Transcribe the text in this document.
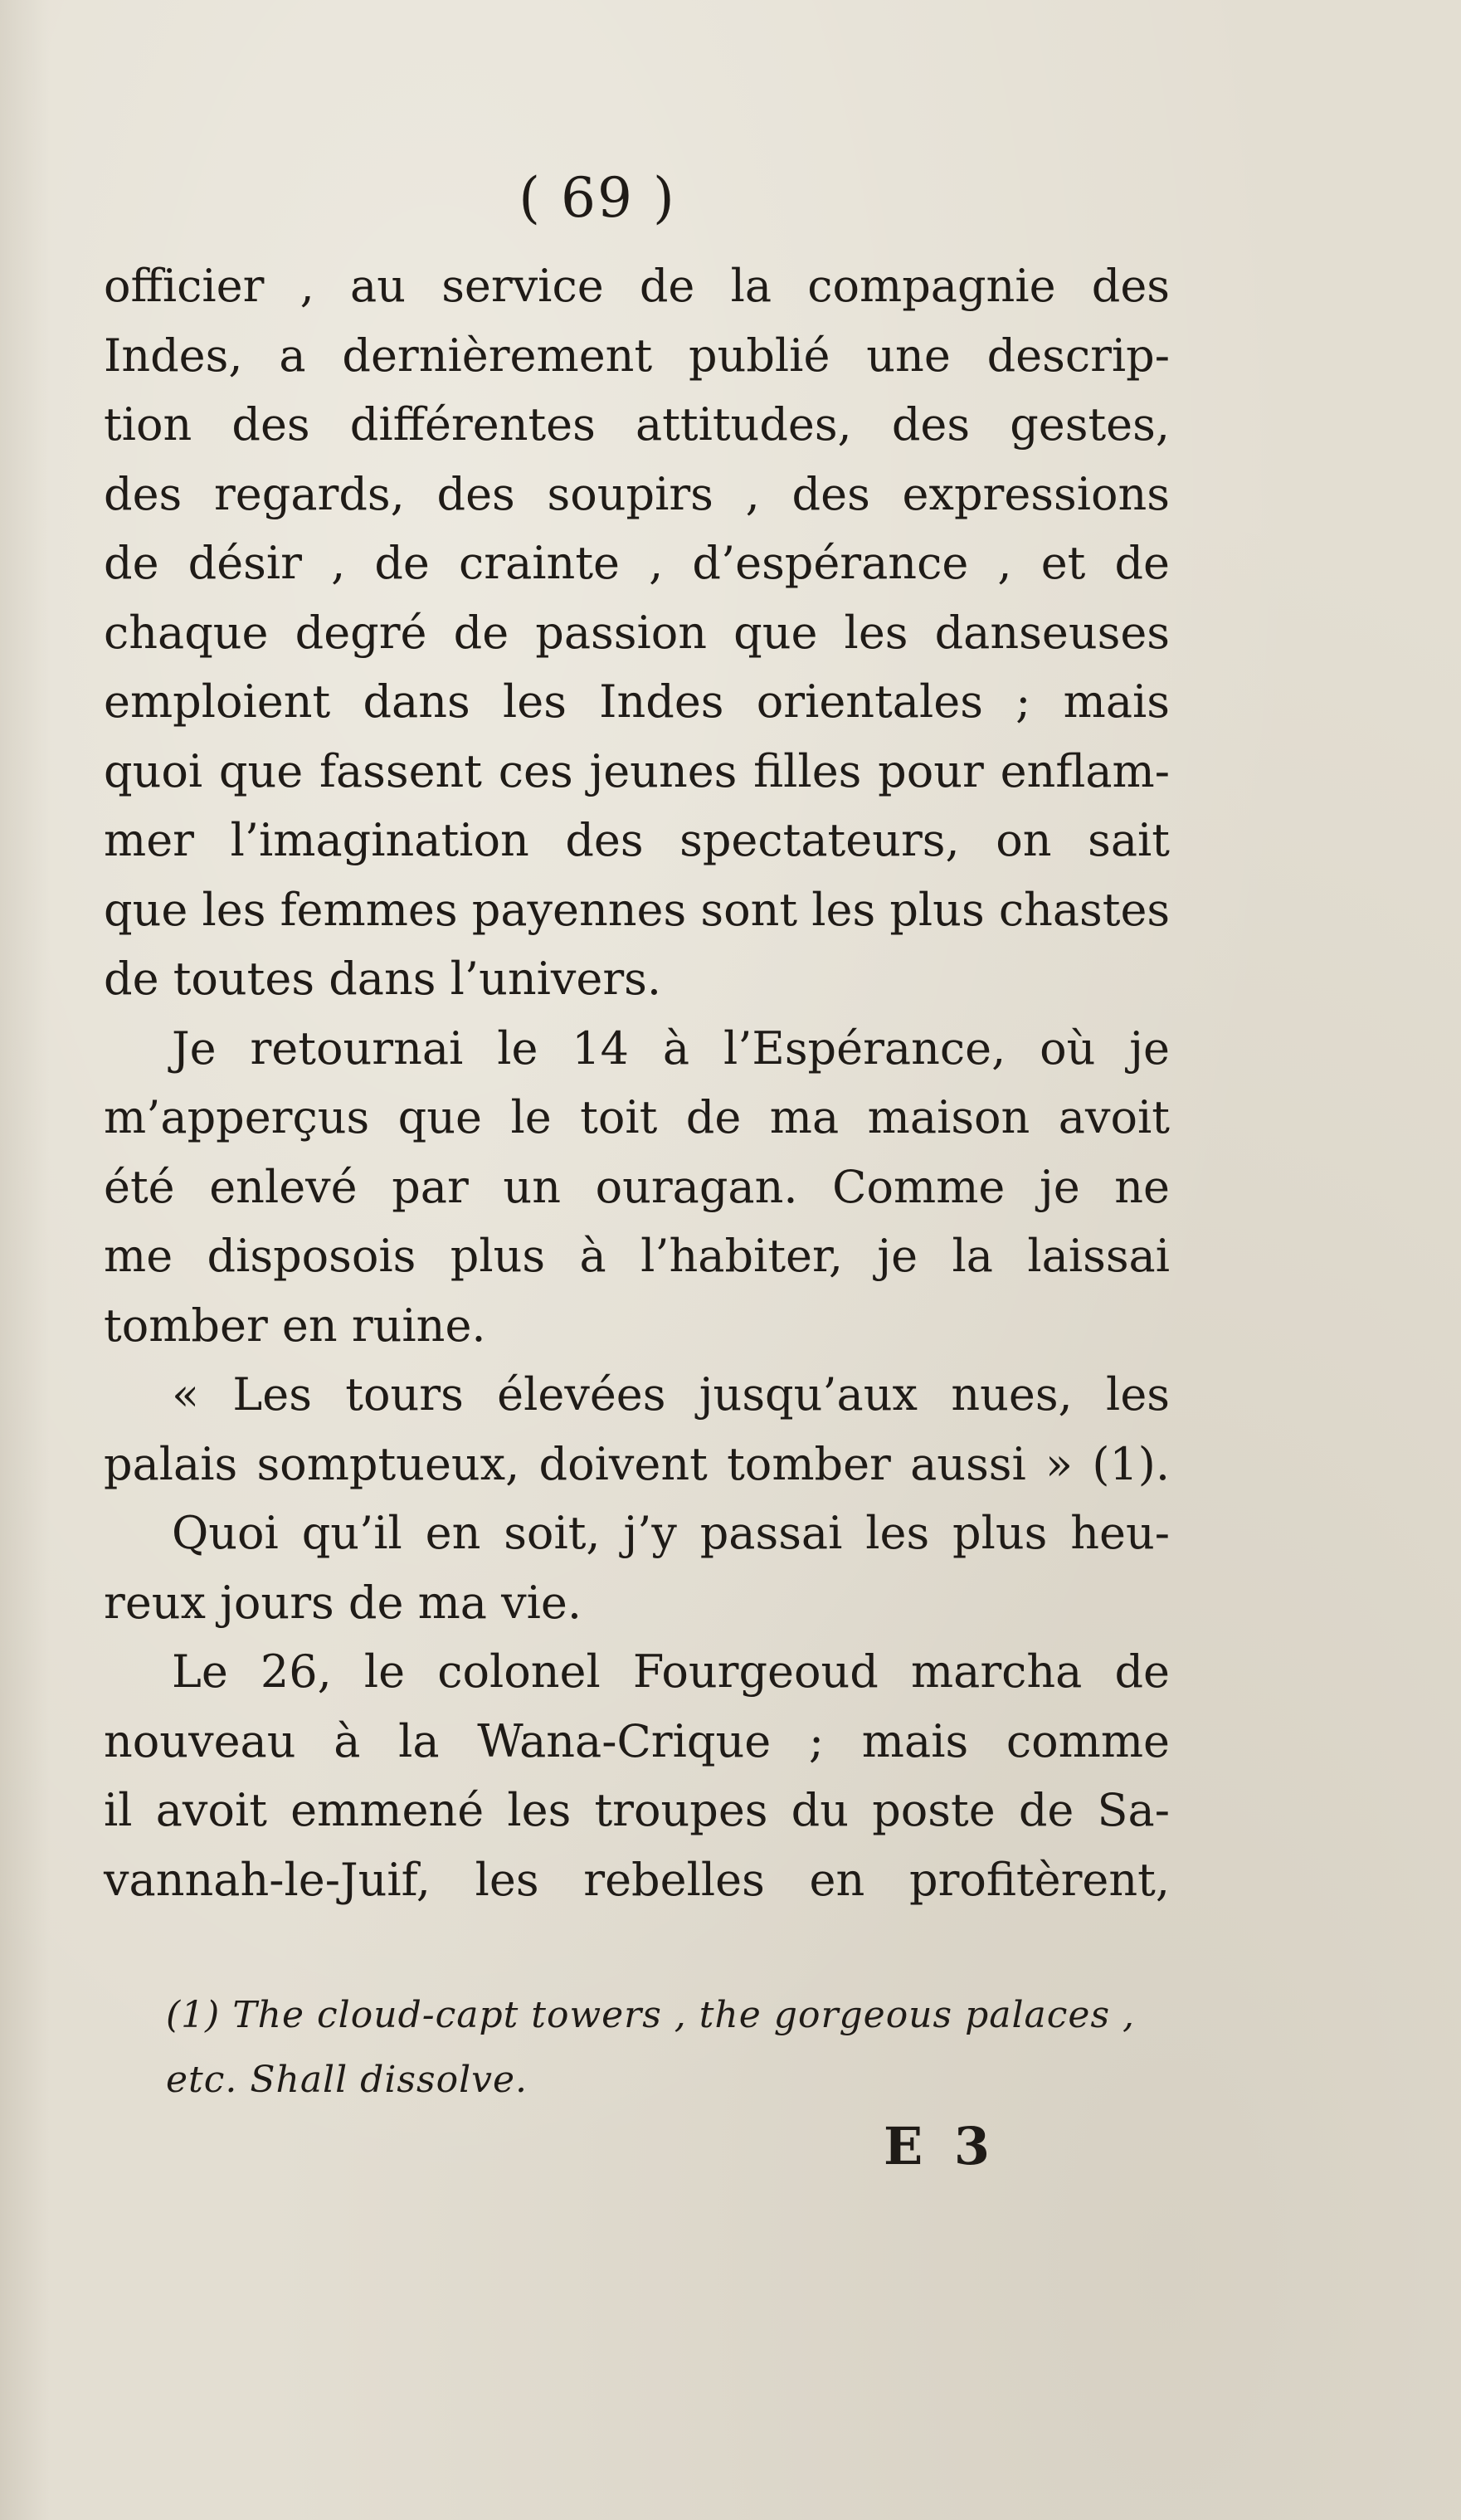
( 69 )
officier , au service de la compagnie des
Indes, a dernièrement publié une descrip-
tion des différentes attitudes, des gestes,
des regards, des soupirs , des expressions
de désir , de crainte , d’espérance , et de
chaque degré de passion que les danseuses
emploient dans les Indes orientales ; mais
quoi que fassent ces jeunes filles pour enflam-
mer l’imagination des spectateurs, on sait
que les femmes payennes sont les plus chastes
de toutes dans l’univers.
Je retournai le 14 à l’Espérance, où je
m’apperçus que le toit de ma maison avoit
été enlevé par un ouragan. Comme je ne
me disposois plus à l’habiter, je la laissai
tomber en ruine.
« Les tours élevées jusqu’aux nues, les
palais somptueux, doivent tomber aussi » (1).
Quoi qu’il en soit, j’y passai les plus heu-
reux jours de ma vie.
Le 26, le colonel Fourgeoud marcha de
nouveau à la Wana-Crique ; mais comme
il avoit emmené les troupes du poste de Sa-
vannah-le-Juif, les rebelles en profitèrent,
(1) The cloud-capt towers , the gorgeous palaces ,
etc. Shall dissolve.
E 3
